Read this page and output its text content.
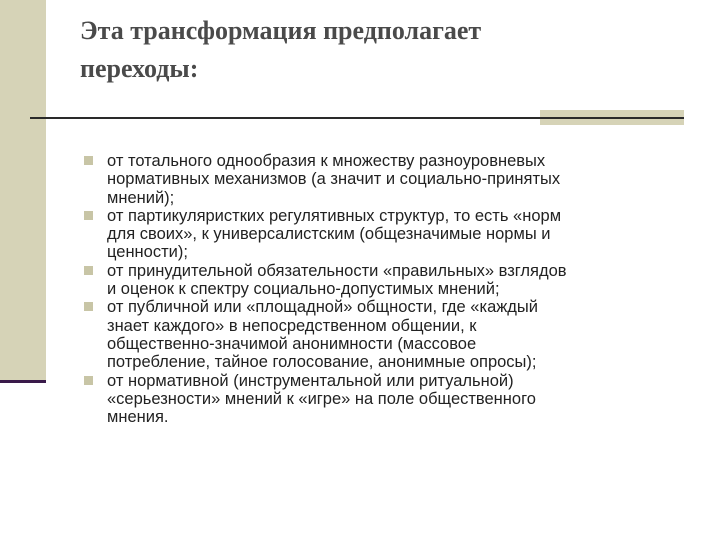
Эта трансформация предполагает
переходы:
от тотального однообразия к множеству разноуровневых
нормативных механизмов (а значит и социально-принятых
мнений);
от партикуляристких регулятивных структур, то есть «норм
для своих», к универсалистским (общезначимые нормы и
ценности);
от принудительной обязательности «правильных» взглядов
и оценок к спектру социально-допустимых мнений;
от публичной или «площадной» общности, где «каждый
знает каждого» в непосредственном общении, к
общественно-значимой анонимности (массовое
потребление, тайное голосование, анонимные опросы);
от нормативной (инструментальной или ритуальной)
«серьезности» мнений к «игре» на поле общественного
мнения.
